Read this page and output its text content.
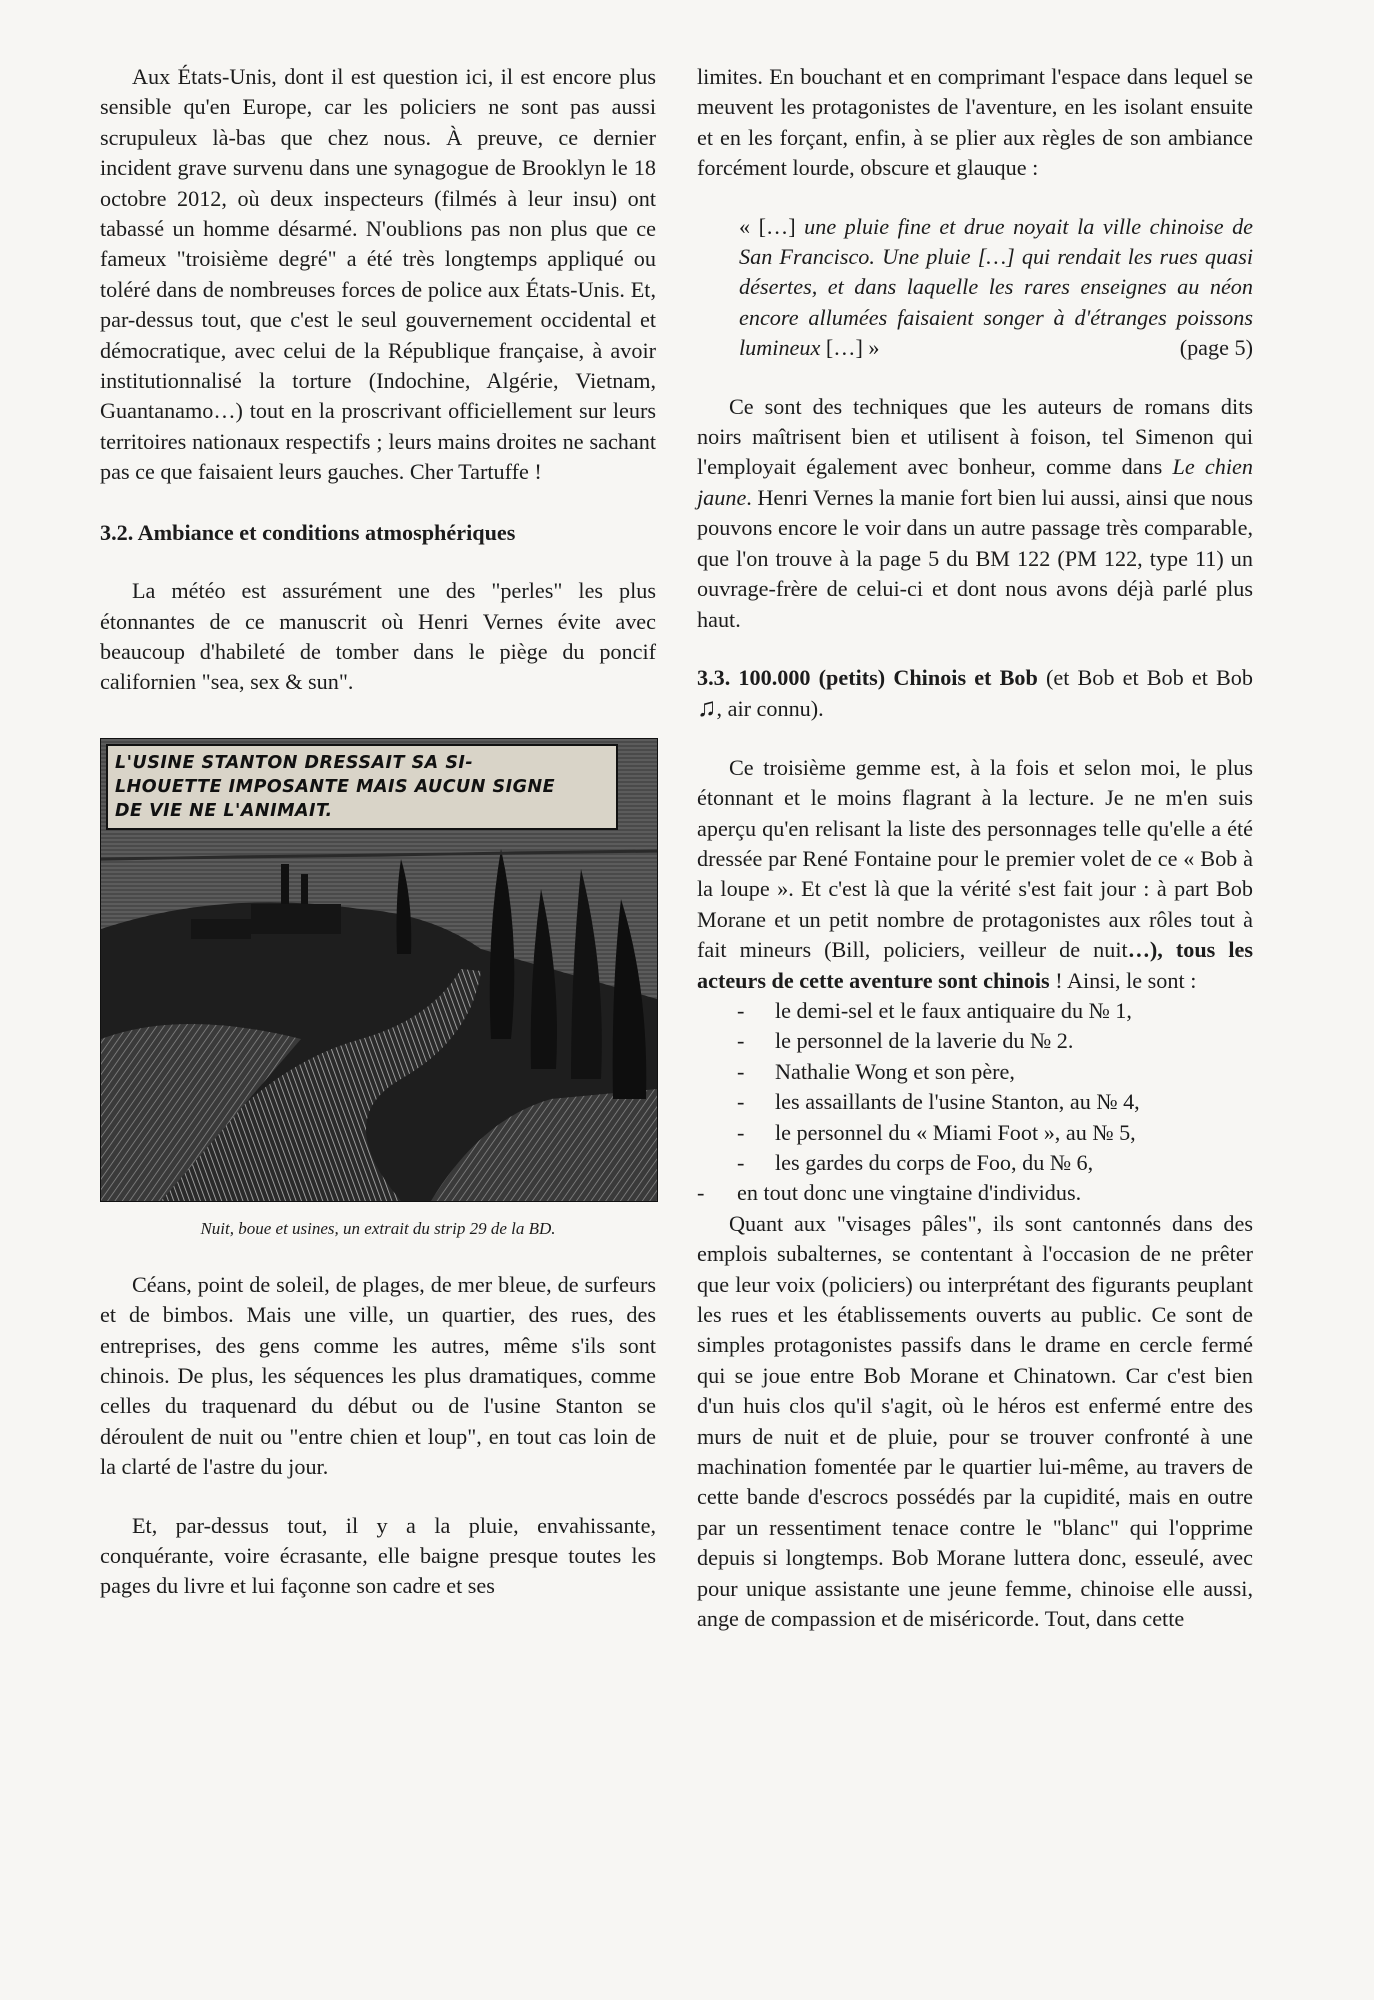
Aux États-Unis, dont il est question ici, il est encore plus sensible qu'en Europe, car les policiers ne sont pas aussi scrupuleux là-bas que chez nous. À preuve, ce dernier incident grave survenu dans une synagogue de Brooklyn le 18 octobre 2012, où deux inspecteurs (filmés à leur insu) ont tabassé un homme désarmé. N'oublions pas non plus que ce fameux "troisième degré" a été très longtemps appliqué ou toléré dans de nombreuses forces de police aux États-Unis. Et, par-dessus tout, que c'est le seul gouvernement occidental et démocratique, avec celui de la République française, à avoir institutionnalisé la torture (Indochine, Algérie, Vietnam, Guantanamo…) tout en la proscrivant officiellement sur leurs territoires nationaux respectifs ; leurs mains droites ne sachant pas ce que faisaient leurs gauches. Cher Tartuffe !

3.2. Ambiance et conditions atmosphériques

La météo est assurément une des "perles" les plus étonnantes de ce manuscrit où Henri Vernes évite avec beaucoup d'habileté de tomber dans le piège du poncif californien "sea, sex & sun".

L'USINE STANTON DRESSAIT SA SI-
LHOUETTE IMPOSANTE MAIS AUCUN SIGNE
DE VIE NE L'ANIMAIT.
Nuit, boue et usines, un extrait du strip 29 de la BD.

Céans, point de soleil, de plages, de mer bleue, de surfeurs et de bimbos. Mais une ville, un quartier, des rues, des entreprises, des gens comme les autres, même s'ils sont chinois. De plus, les séquences les plus dramatiques, comme celles du traquenard du début ou de l'usine Stanton se déroulent de nuit ou "entre chien et loup", en tout cas loin de la clarté de l'astre du jour.

Et, par-dessus tout, il y a la pluie, envahissante, conquérante, voire écrasante, elle baigne presque toutes les pages du livre et lui façonne son cadre et ses

limites. En bouchant et en comprimant l'espace dans lequel se meuvent les protagonistes de l'aventure, en les isolant ensuite et en les forçant, enfin, à se plier aux règles de son ambiance forcément lourde, obscure et glauque :

« […] une pluie fine et drue noyait la ville chinoise de San Francisco. Une pluie […] qui rendait les rues quasi désertes, et dans laquelle les rares enseignes au néon encore allumées faisaient songer à d'étranges poissons lumineux […] »	(page 5)

Ce sont des techniques que les auteurs de romans dits noirs maîtrisent bien et utilisent à foison, tel Simenon qui l'employait également avec bonheur, comme dans Le chien jaune. Henri Vernes la manie fort bien lui aussi, ainsi que nous pouvons encore le voir dans un autre passage très comparable, que l'on trouve à la page 5 du BM 122 (PM 122, type 11) un ouvrage-frère de celui-ci et dont nous avons déjà parlé plus haut.

3.3. 100.000 (petits) Chinois et Bob (et Bob et Bob et Bob ♫, air connu).

Ce troisième gemme est, à la fois et selon moi, le plus étonnant et le moins flagrant à la lecture. Je ne m'en suis aperçu qu'en relisant la liste des personnages telle qu'elle a été dressée par René Fontaine pour le premier volet de ce « Bob à la loupe ». Et c'est là que la vérité s'est fait jour : à part Bob Morane et un petit nombre de protagonistes aux rôles tout à fait mineurs (Bill, policiers, veilleur de nuit…), tous les acteurs de cette aventure sont chinois ! Ainsi, le sont :

- le demi-sel et le faux antiquaire du № 1,
- le personnel de la laverie du № 2.
- Nathalie Wong et son père,
- les assaillants de l'usine Stanton, au № 4,
- le personnel du « Miami Foot », au № 5,
- les gardes du corps de Foo, du № 6,
- en tout donc une vingtaine d'individus.

Quant aux "visages pâles", ils sont cantonnés dans des emplois subalternes, se contentant à l'occasion de ne prêter que leur voix (policiers) ou interprétant des figurants peuplant les rues et les établissements ouverts au public. Ce sont de simples protagonistes passifs dans le drame en cercle fermé qui se joue entre Bob Morane et Chinatown. Car c'est bien d'un huis clos qu'il s'agit, où le héros est enfermé entre des murs de nuit et de pluie, pour se trouver confronté à une machination fomentée par le quartier lui-même, au travers de cette bande d'escrocs possédés par la cupidité, mais en outre par un ressentiment tenace contre le "blanc" qui l'opprime depuis si longtemps. Bob Morane luttera donc, esseulé, avec pour unique assistante une jeune femme, chinoise elle aussi, ange de compassion et de miséricorde. Tout, dans cette
